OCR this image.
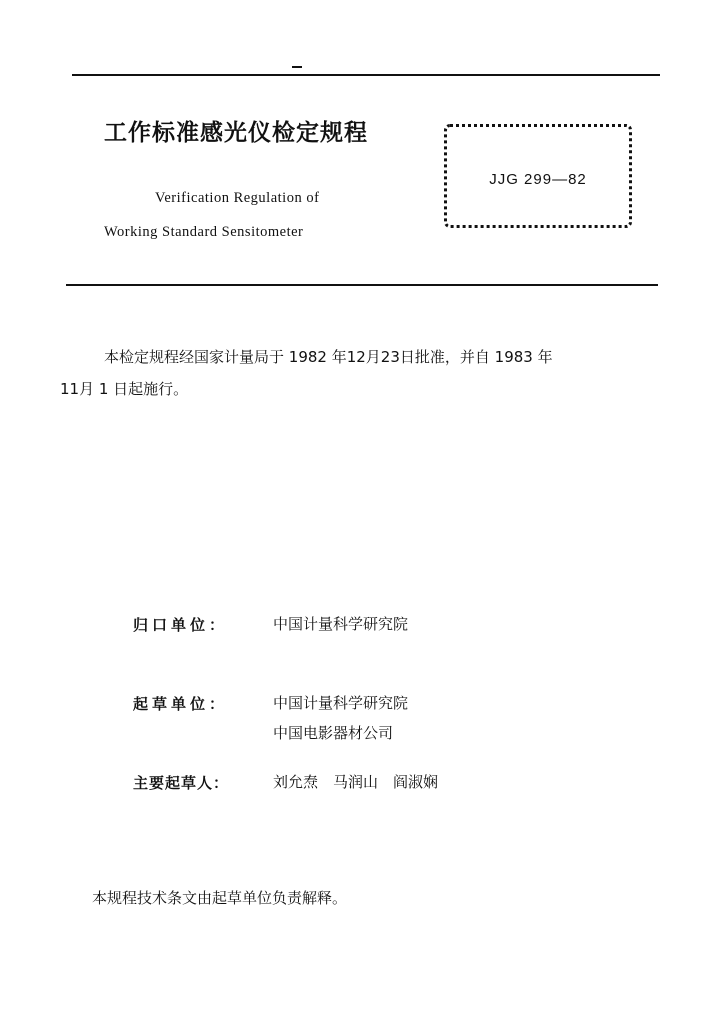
工作标准感光仪检定规程
Verification Regulation of
Working Standard Sensitometer
JJG 299—82
本检定规程经国家计量局于 1982 年12月23日批准，并自 1983 年
11月 1 日起施行。
归口单位：	中国计量科学研究院
起草单位：	中国计量科学研究院
中国电影器材公司
主要起草人：	刘允焘　马润山　阎淑娴
本规程技术条文由起草单位负责解释。
